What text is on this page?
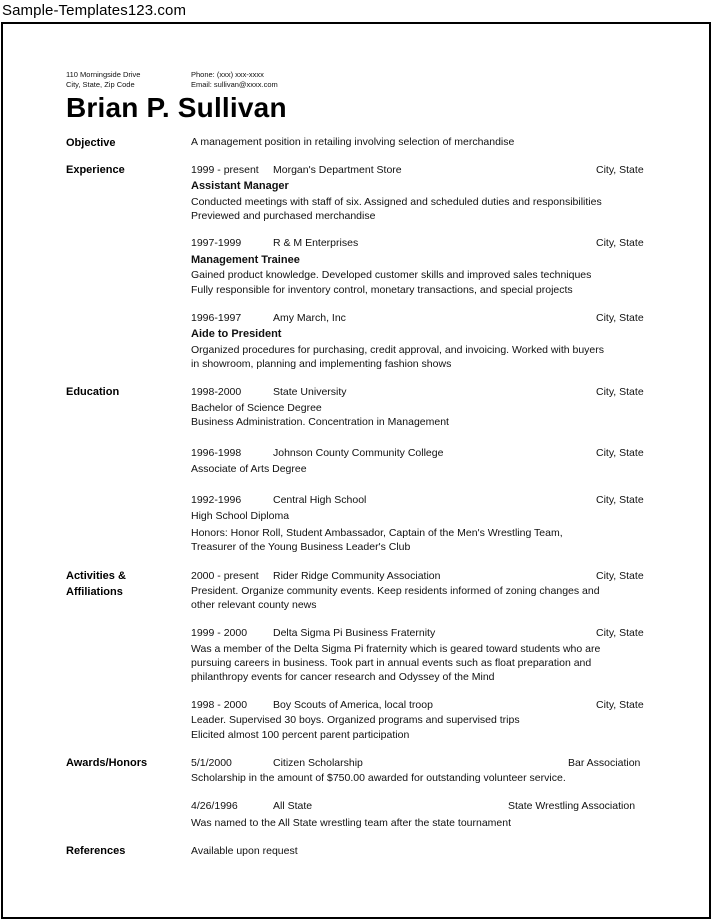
Sample-Templates123.com
110 Morningside Drive
City, State, Zip Code
Phone: (xxx) xxx-xxxx
Email: sullivan@xxxx.com
Brian P. Sullivan
Objective	A management position in retailing involving selection of merchandise
Experience	1999 - present Morgan's Department Store	City, State
Assistant Manager
Conducted meetings with staff of six. Assigned and scheduled duties and responsibilities
Previewed and purchased merchandise
1997-1999	R & M Enterprises	City, State
Management Trainee
Gained product knowledge. Developed customer skills and improved sales techniques
Fully responsible for inventory control, monetary transactions, and special projects
1996-1997	Amy March, Inc	City, State
Aide to President
Organized procedures for purchasing, credit approval, and invoicing. Worked with buyers
in showroom, planning and implementing fashion shows
Education	1998-2000	State University	City, State
Bachelor of Science Degree
Business Administration. Concentration in Management
1996-1998	Johnson County Community College	City, State
Associate of Arts Degree
1992-1996	Central High School	City, State
High School Diploma
Honors: Honor Roll, Student Ambassador, Captain of the Men's Wrestling Team,
Treasurer of the Young Business Leader's Club
Activities &
Affiliations
2000 - present Rider Ridge Community Association	City, State
President. Organize community events. Keep residents informed of zoning changes and
other relevant county news
1999 - 2000 Delta Sigma Pi Business Fraternity	City, State
Was a member of the Delta Sigma Pi fraternity which is geared toward students who are
pursuing careers in business. Took part in annual events such as float preparation and
philanthropy events for cancer research and Odyssey of the Mind
1998 - 2000 Boy Scouts of America, local troop	City, State
Leader. Supervised 30 boys. Organized programs and supervised trips
Elicited almost 100 percent parent participation
Awards/Honors	5/1/2000	Citizen Scholarship	Bar Association
Scholarship in the amount of $750.00 awarded for outstanding volunteer service.
4/26/1996	All State	State Wrestling Association
Was named to the All State wrestling team after the state tournament
References	Available upon request
